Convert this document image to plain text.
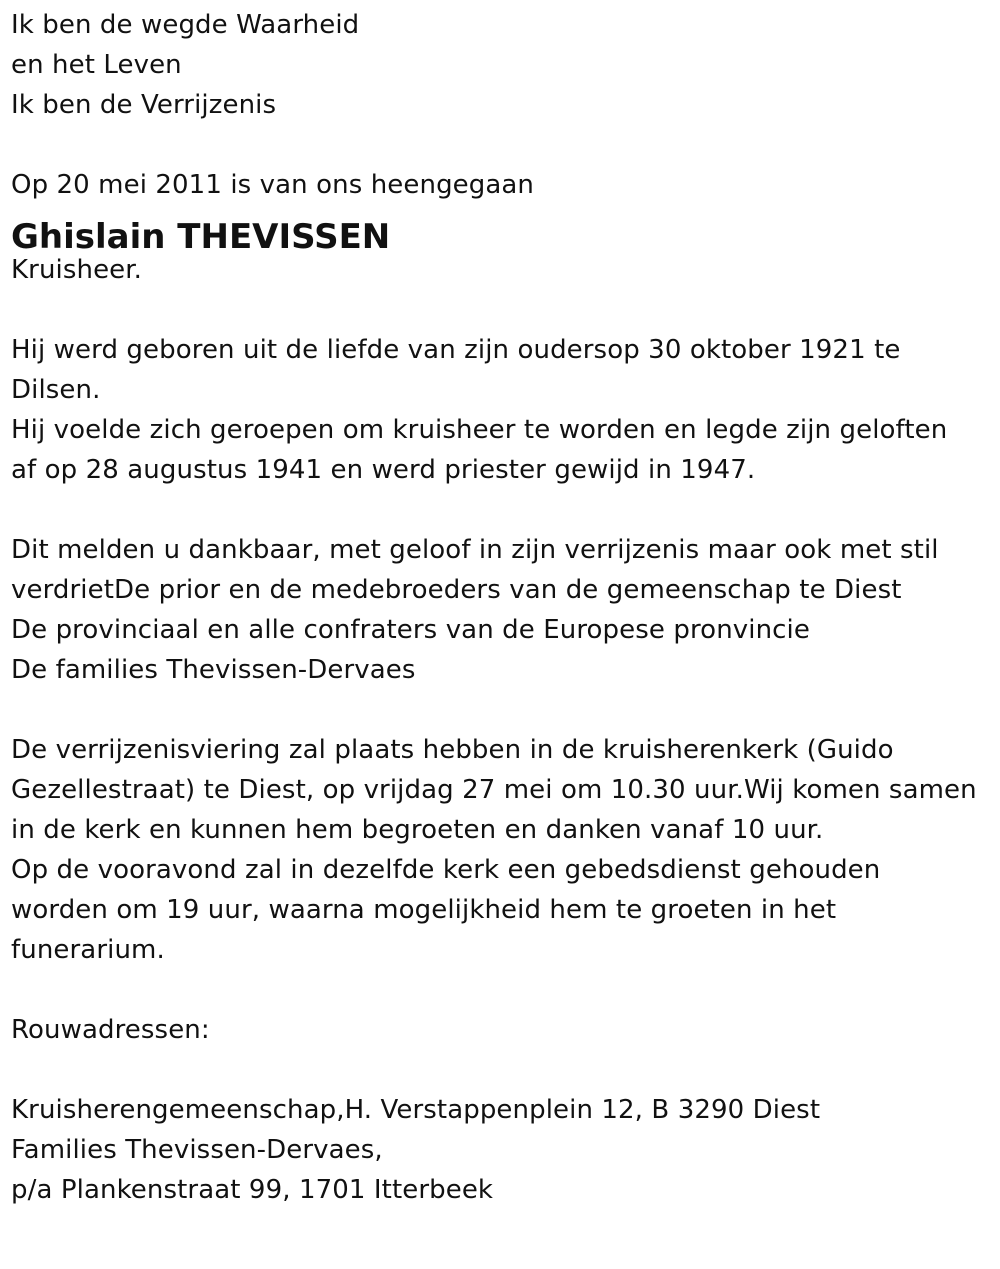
Ik ben de wegde Waarheid
en het Leven
Ik ben de Verrijzenis
Op 20 mei 2011 is van ons heengegaan
Ghislain THEVISSEN
Kruisheer.
Hij werd geboren uit de liefde van zijn oudersop 30 oktober 1921 te
Dilsen.
Hij voelde zich geroepen om kruisheer te worden en legde zijn geloften
af op 28 augustus 1941 en werd priester gewijd in 1947.
Dit melden u dankbaar, met geloof in zijn verrijzenis maar ook met stil
verdrietDe prior en de medebroeders van de gemeenschap te Diest
De provinciaal en alle confraters van de Europese pronvincie
De families Thevissen-Dervaes
De verrijzenisviering zal plaats hebben in de kruisherenkerk (Guido
Gezellestraat) te Diest, op vrijdag 27 mei om 10.30 uur.Wij komen samen
in de kerk en kunnen hem begroeten en danken vanaf 10 uur.
Op de vooravond zal in dezelfde kerk een gebedsdienst gehouden
worden om 19 uur, waarna mogelijkheid hem te groeten in het
funerarium.
Rouwadressen:
Kruisherengemeenschap,H. Verstappenplein 12, B 3290 Diest
Families Thevissen-Dervaes,
p/a Plankenstraat 99, 1701 Itterbeek
